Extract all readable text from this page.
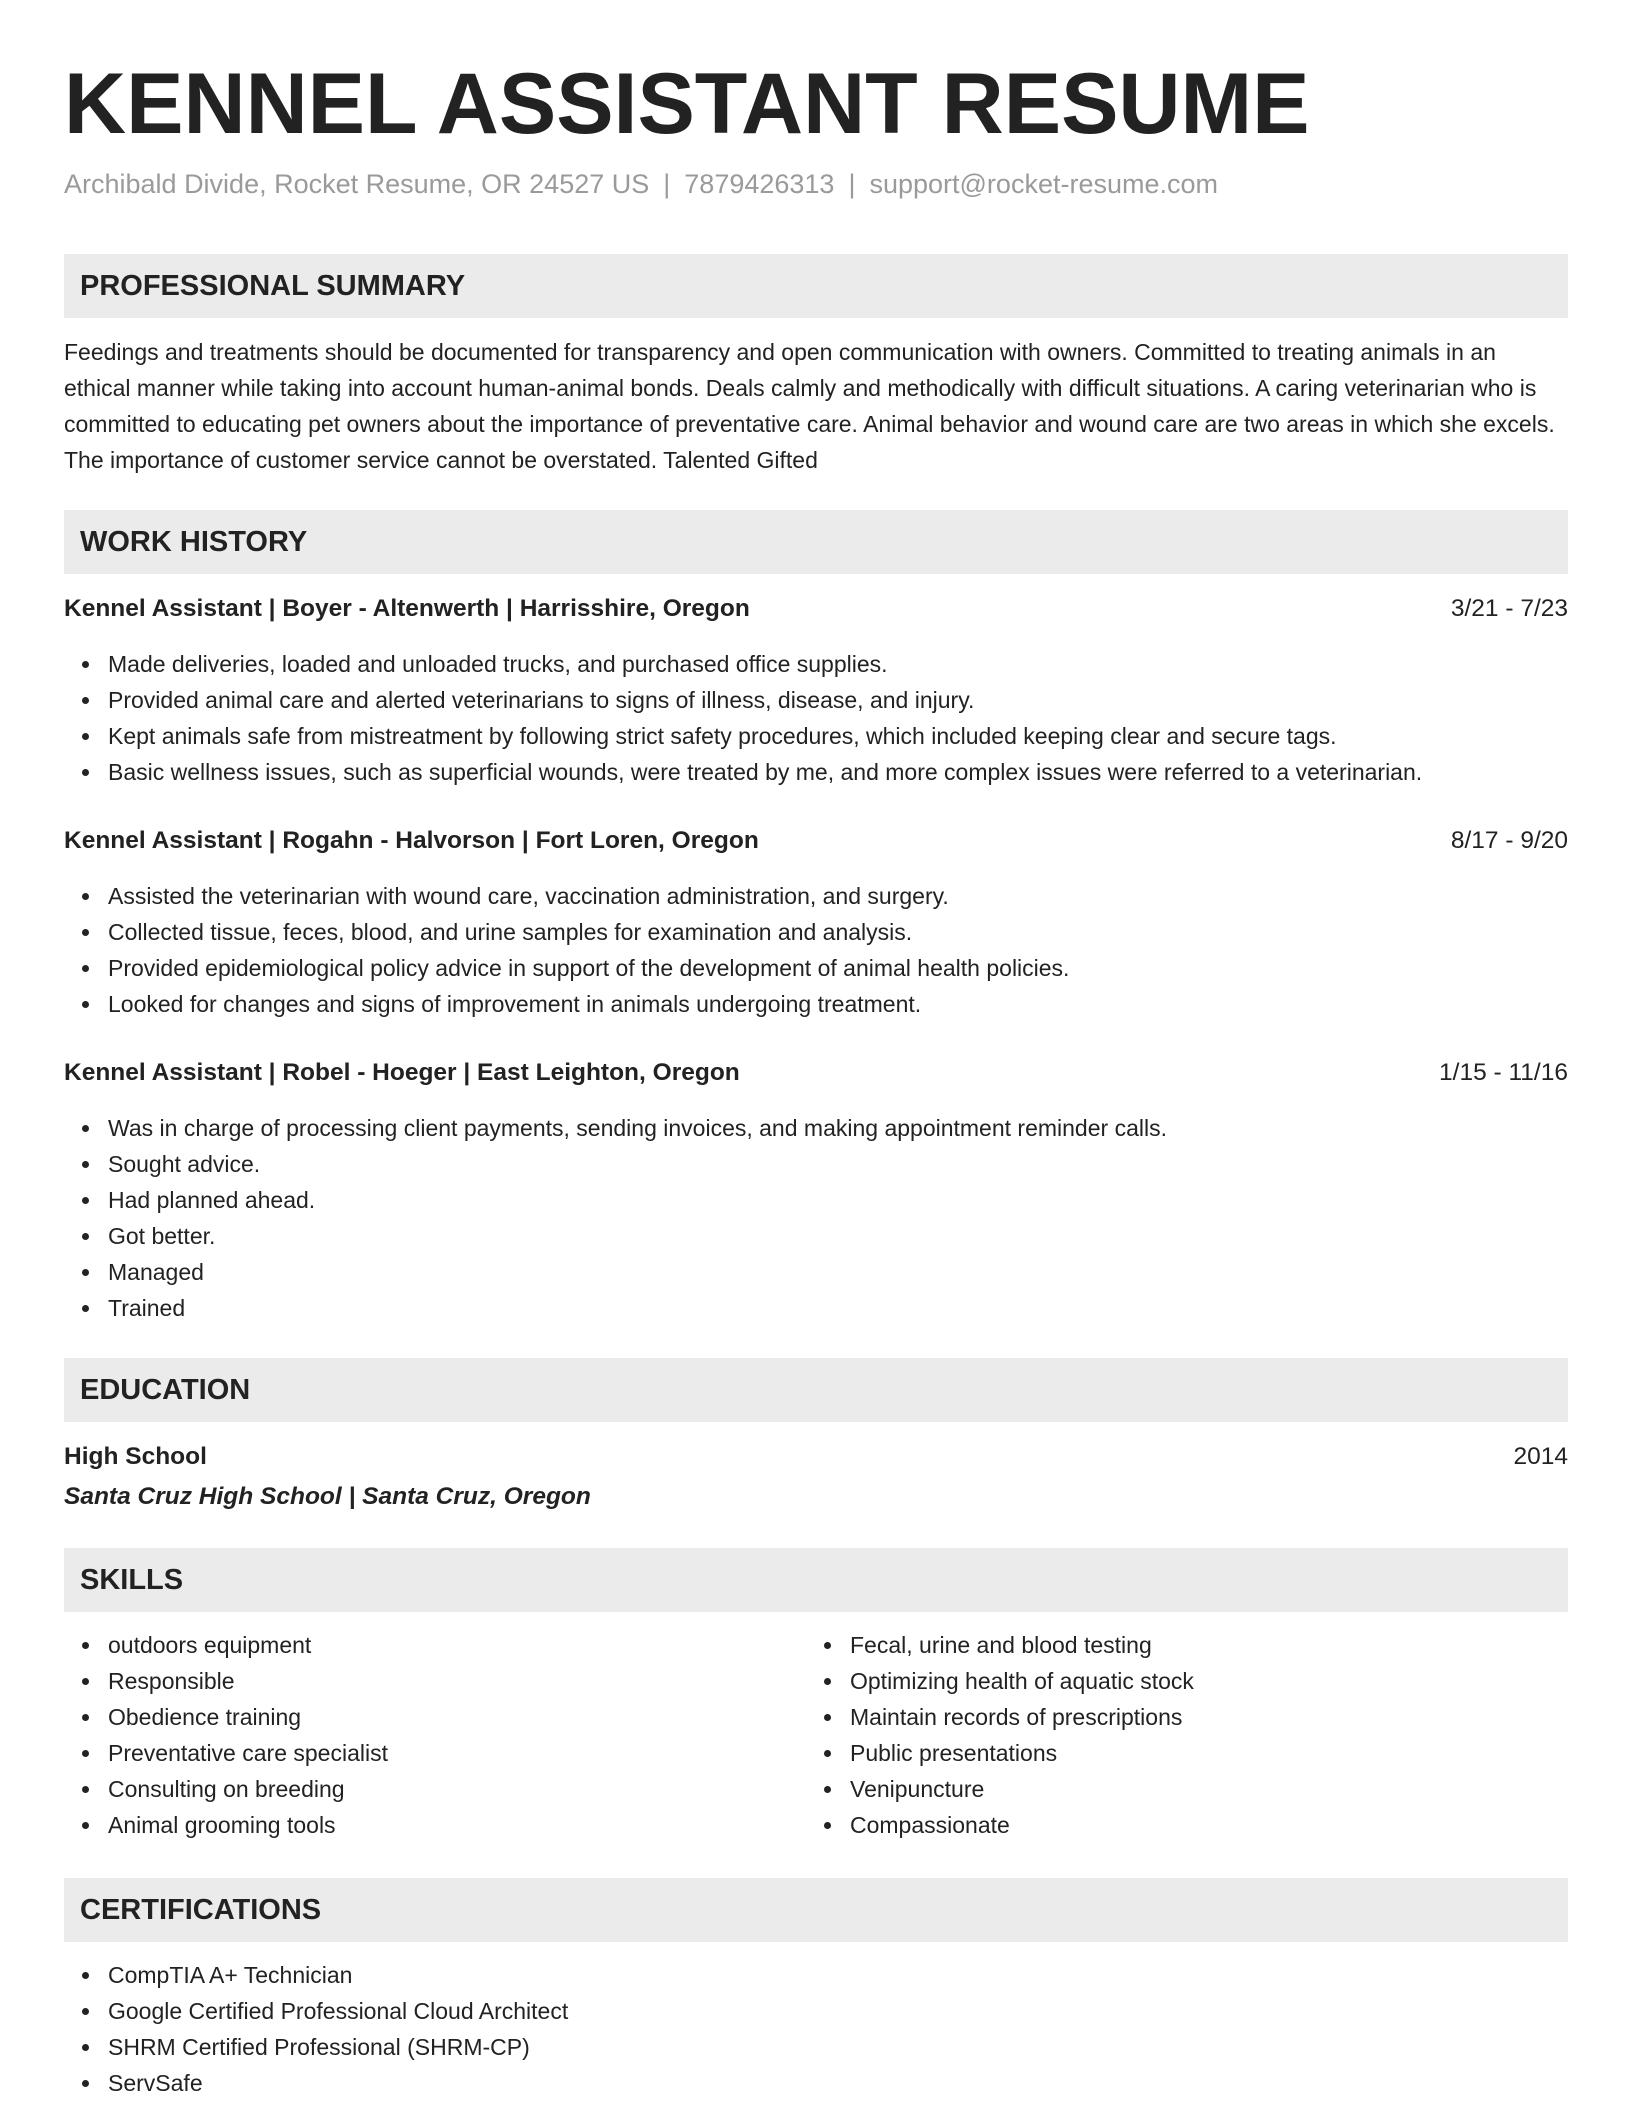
KENNEL ASSISTANT RESUME
Archibald Divide, Rocket Resume, OR 24527 US | 7879426313 | support@rocket-resume.com
PROFESSIONAL SUMMARY

Feedings and treatments should be documented for transparency and open communication with owners. Committed to treating animals in an ethical manner while taking into account human-animal bonds. Deals calmly and methodically with difficult situations. A caring veterinarian who is committed to educating pet owners about the importance of preventative care. Animal behavior and wound care are two areas in which she excels. The importance of customer service cannot be overstated. Talented Gifted

WORK HISTORY
Kennel Assistant | Boyer - Altenwerth | Harrisshire, Oregon	3/21 - 7/23
Made deliveries, loaded and unloaded trucks, and purchased office supplies.
Provided animal care and alerted veterinarians to signs of illness, disease, and injury.
Kept animals safe from mistreatment by following strict safety procedures, which included keeping clear and secure tags.
Basic wellness issues, such as superficial wounds, were treated by me, and more complex issues were referred to a veterinarian.
Kennel Assistant | Rogahn - Halvorson | Fort Loren, Oregon	8/17 - 9/20
Assisted the veterinarian with wound care, vaccination administration, and surgery.
Collected tissue, feces, blood, and urine samples for examination and analysis.
Provided epidemiological policy advice in support of the development of animal health policies.
Looked for changes and signs of improvement in animals undergoing treatment.
Kennel Assistant | Robel - Hoeger | East Leighton, Oregon	1/15 - 11/16
Was in charge of processing client payments, sending invoices, and making appointment reminder calls.
Sought advice.
Had planned ahead.
Got better.
Managed
Trained
EDUCATION
High School	2014
Santa Cruz High School | Santa Cruz, Oregon
SKILLS
outdoors equipment
Responsible
Obedience training
Preventative care specialist
Consulting on breeding
Animal grooming tools
Fecal, urine and blood testing
Optimizing health of aquatic stock
Maintain records of prescriptions
Public presentations
Venipuncture
Compassionate
CERTIFICATIONS
CompTIA A+ Technician
Google Certified Professional Cloud Architect
SHRM Certified Professional (SHRM-CP)
ServSafe
